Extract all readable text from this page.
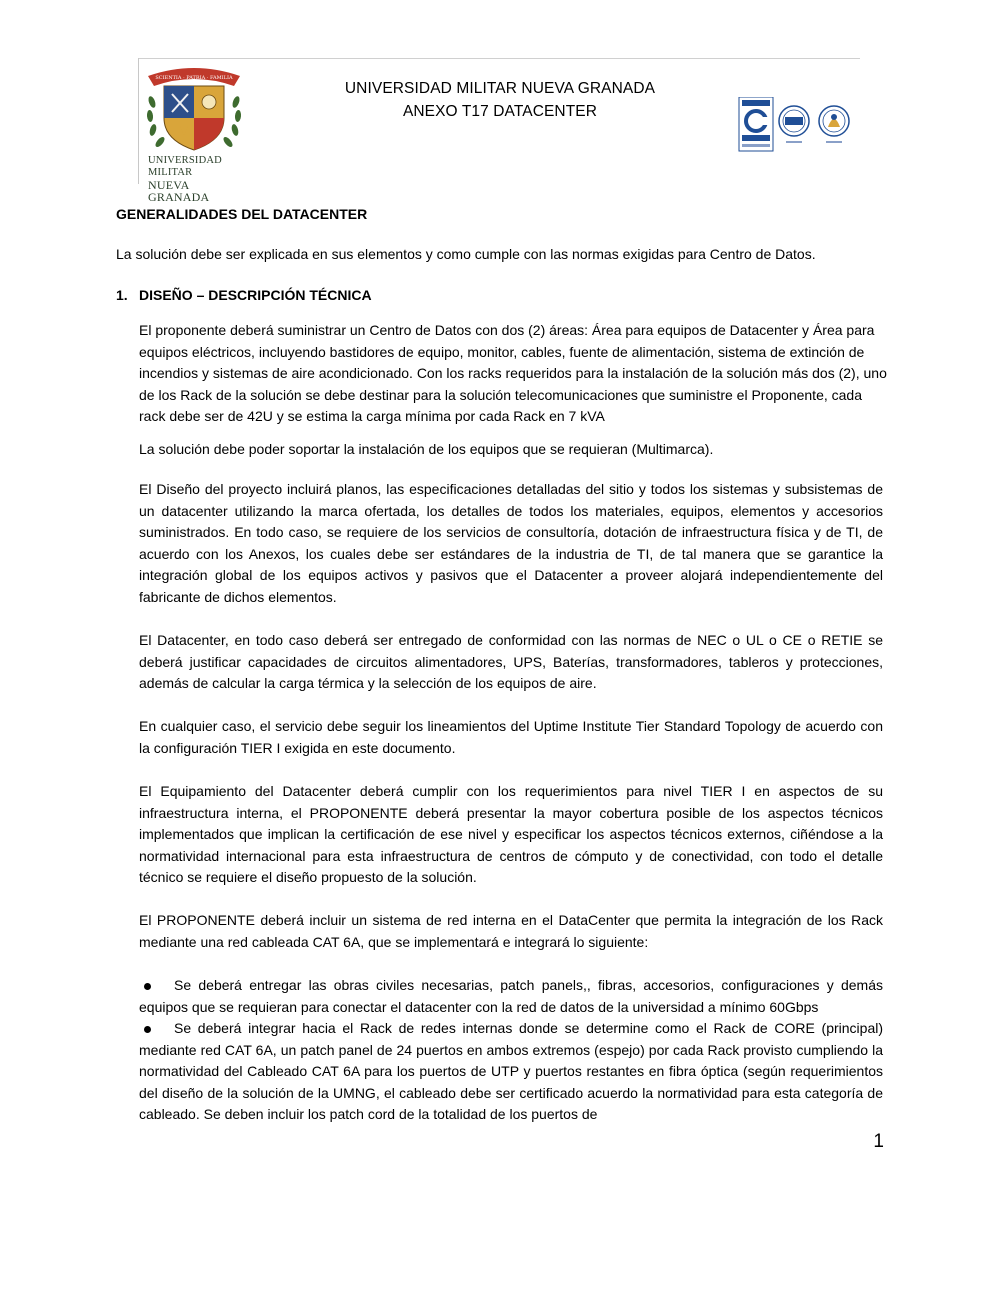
SCIENTIA · PATRIA · FAMILIA
UNIVERSIDAD MILITAR
NUEVA GRANADA
UNIVERSIDAD MILITAR NUEVA GRANADA
ANEXO T17 DATACENTER
GENERALIDADES DEL DATACENTER
La solución debe ser explicada en sus elementos y como cumple con las normas exigidas para Centro de Datos.
1. DISEÑO – DESCRIPCIÓN TÉCNICA
El proponente deberá suministrar un Centro de Datos con dos (2) áreas: Área para equipos de Datacenter y Área para equipos eléctricos, incluyendo bastidores de equipo, monitor, cables, fuente de alimentación, sistema de extinción de incendios y sistemas de aire acondicionado. Con los racks requeridos para la instalación de la solución más dos (2), uno de los Rack de la solución se debe destinar para la solución telecomunicaciones que suministre el Proponente, cada rack debe ser de 42U y se estima la carga mínima por cada Rack en 7 kVA
La solución debe poder soportar la instalación de los equipos que se requieran (Multimarca).
El Diseño del proyecto incluirá planos, las especificaciones detalladas del sitio y todos los sistemas y subsistemas de un datacenter utilizando la marca ofertada, los detalles de todos los materiales, equipos, elementos y accesorios suministrados. En todo caso, se requiere de los servicios de consultoría, dotación de infraestructura física y de TI, de acuerdo con los Anexos, los cuales debe ser estándares de la industria de TI, de tal manera que se garantice la integración global de los equipos activos y pasivos que el Datacenter a proveer alojará independientemente del fabricante de dichos elementos.
El Datacenter, en todo caso deberá ser entregado de conformidad con las normas de NEC o UL o CE o RETIE se deberá justificar capacidades de circuitos alimentadores, UPS, Baterías, transformadores, tableros y protecciones, además de calcular la carga térmica y la selección de los equipos de aire.
En cualquier caso, el servicio debe seguir los lineamientos del Uptime Institute Tier Standard Topology de acuerdo con la configuración TIER I exigida en este documento.
El Equipamiento del Datacenter deberá cumplir con los requerimientos para nivel TIER I en aspectos de su infraestructura interna, el PROPONENTE deberá presentar la mayor cobertura posible de los aspectos técnicos implementados que implican la certificación de ese nivel y especificar los aspectos técnicos externos, ciñéndose a la normatividad internacional para esta infraestructura de centros de cómputo y de conectividad, con todo el detalle técnico se requiere el diseño propuesto de la solución.
El PROPONENTE deberá incluir un sistema de red interna en el DataCenter que permita la integración de los Rack mediante una red cableada CAT 6A, que se implementará e integrará lo siguiente:
Se deberá entregar las obras civiles necesarias, patch panels,, fibras, accesorios, configuraciones y demás equipos que se requieran para conectar el datacenter con la red de datos de la universidad a mínimo 60Gbps
Se deberá integrar hacia el Rack de redes internas donde se determine como el Rack de CORE (principal) mediante red CAT 6A, un patch panel de 24 puertos en ambos extremos (espejo) por cada Rack provisto cumpliendo la normatividad del Cableado CAT 6A para los puertos de UTP y puertos restantes en fibra óptica (según requerimientos del diseño de la solución de la UMNG, el cableado debe ser certificado acuerdo la normatividad para esta categoría de cableado. Se deben incluir los patch cord de la totalidad de los puertos de
1
